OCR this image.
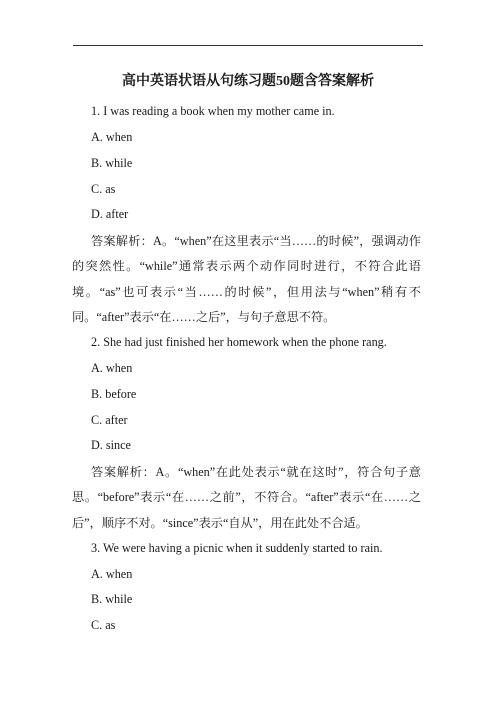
高中英语状语从句练习题50题含答案解析
1. I was reading a book when my mother came in.
A. when
B. while
C. as
D. after
答案解析：A。“when”在这里表示“当……的时候”，强调动作的突然性。“while”通常表示两个动作同时进行，不符合此语境。“as”也可表示“当……的时候”，但用法与“when”稍有不同。“after”表示“在……之后”，与句子意思不符。
2. She had just finished her homework when the phone rang.
A. when
B. before
C. after
D. since
答案解析：A。“when”在此处表示“就在这时”，符合句子意思。“before”表示“在……之前”，不符合。“after”表示“在……之后”，顺序不对。“since”表示“自从”，用在此处不合适。
3. We were having a picnic when it suddenly started to rain.
A. when
B. while
C. as
